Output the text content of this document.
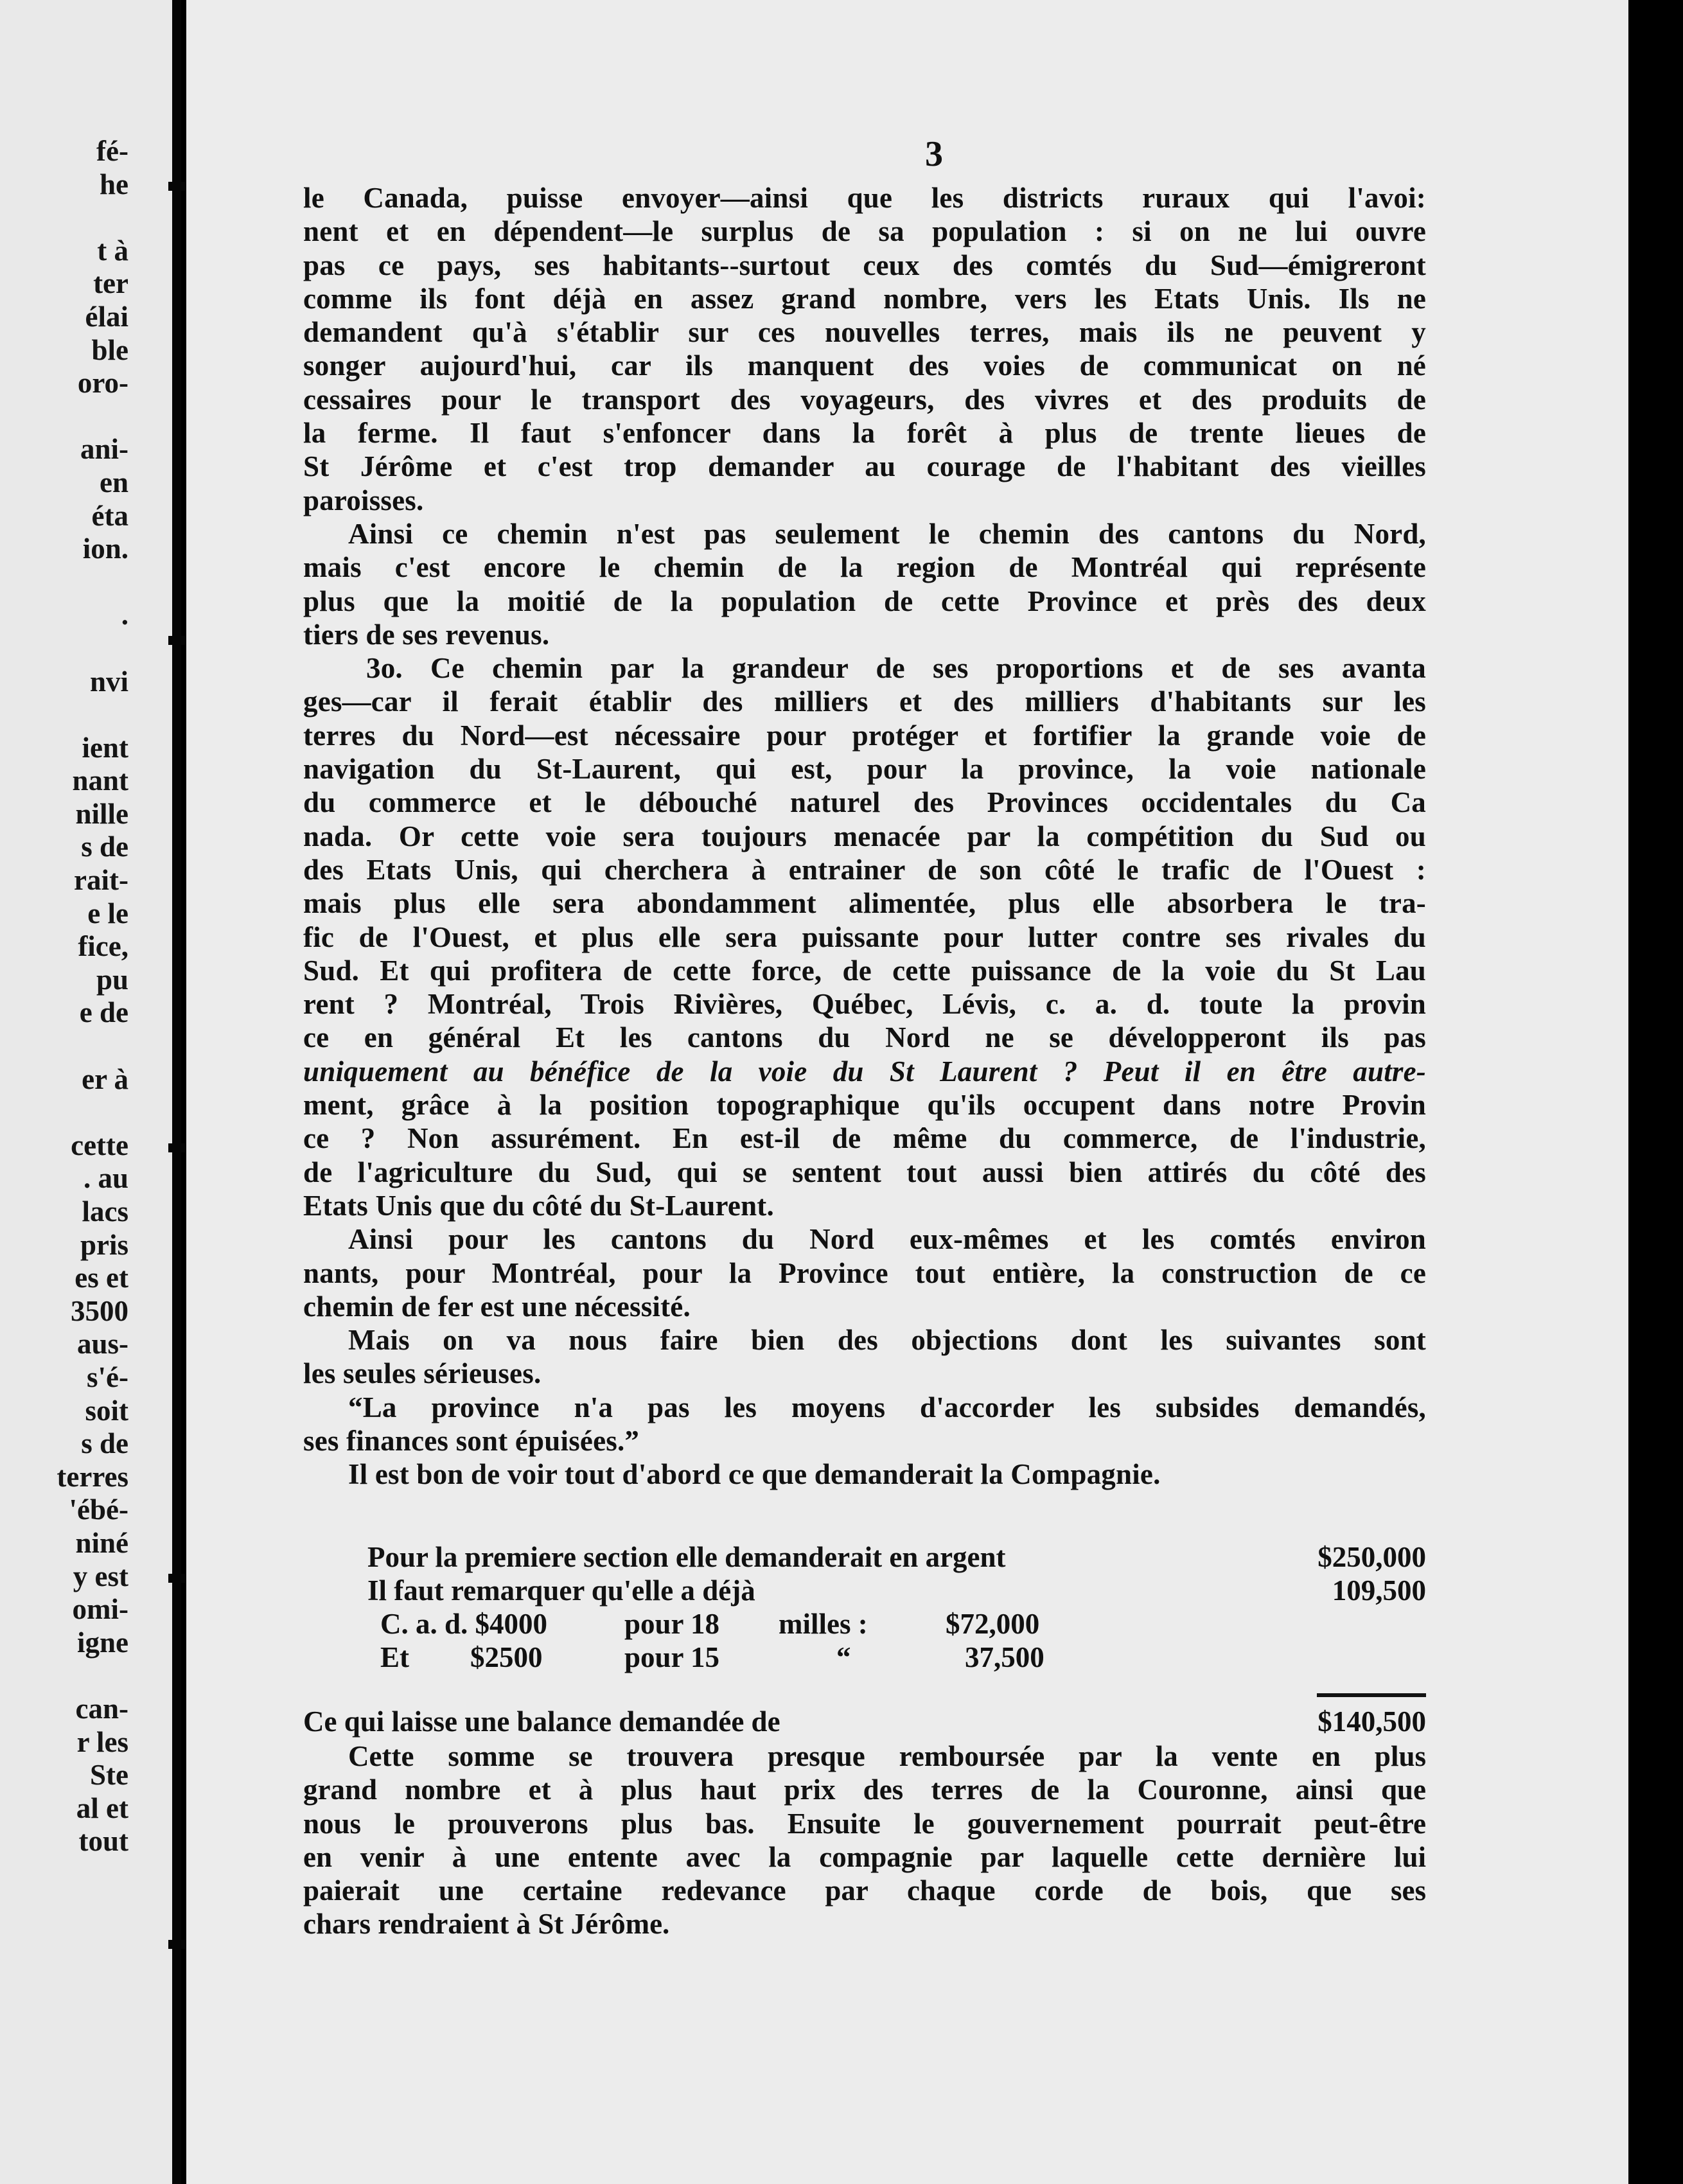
fé-
he
t à
ter
élai
ble
oro-
ani-
en
éta
ion.
.
nvi
ient
nant
nille
s de
rait-
e le
fice,
pu
e de
er à
cette
. au
lacs
pris
es et
3500
aus-
s'é-
soit
s de
terres
'ébé-
niné
y est
omi-
igne
can-
r les
Ste
al et
tout
3
le Canada, puisse envoyer—ainsi que les districts ruraux qui l'avoi:
nent et en dépendent—le surplus de sa population : si on ne lui ouvre
pas ce pays, ses habitants--surtout ceux des comtés du Sud—émigreront
comme ils font déjà en assez grand nombre, vers les Etats Unis. Ils ne
demandent qu'à s'établir sur ces nouvelles terres, mais ils ne peuvent y
songer aujourd'hui, car ils manquent des voies de communicat on né
cessaires pour le transport des voyageurs, des vivres et des produits de
la ferme. Il faut s'enfoncer dans la forêt à plus de trente lieues de
St Jérôme et c'est trop demander au courage de l'habitant des vieilles
paroisses.
Ainsi ce chemin n'est pas seulement le chemin des cantons du Nord,
mais c'est encore le chemin de la region de Montréal qui représente
plus que la moitié de la population de cette Province et près des deux
tiers de ses revenus.
3o. Ce chemin par la grandeur de ses proportions et de ses avanta
ges—car il ferait établir des milliers et des milliers d'habitants sur les
terres du Nord—est nécessaire pour protéger et fortifier la grande voie de
navigation du St-Laurent, qui est, pour la province, la voie nationale
du commerce et le débouché naturel des Provinces occidentales du Ca
nada. Or cette voie sera toujours menacée par la compétition du Sud ou
des Etats Unis, qui cherchera à entrainer de son côté le trafic de l'Ouest :
mais plus elle sera abondamment alimentée, plus elle absorbera le tra-
fic de l'Ouest, et plus elle sera puissante pour lutter contre ses rivales du
Sud. Et qui profitera de cette force, de cette puissance de la voie du St Lau
rent ? Montréal, Trois Rivières, Québec, Lévis, c. a. d. toute la provin
ce en général Et les cantons du Nord ne se développeront ils pas
uniquement au bénéfice de la voie du St Laurent ? Peut il en être autre-
ment, grâce à la position topographique qu'ils occupent dans notre Provin
ce ? Non assurément. En est-il de même du commerce, de l'industrie,
de l'agriculture du Sud, qui se sentent tout aussi bien attirés du côté des
Etats Unis que du côté du St-Laurent.
Ainsi pour les cantons du Nord eux-mêmes et les comtés environ
nants, pour Montréal, pour la Province tout entière, la construction de ce
chemin de fer est une nécessité.
Mais on va nous faire bien des objections dont les suivantes sont
les seules sérieuses.
“La province n'a pas les moyens d'accorder les subsides demandés,
ses finances sont épuisées.”
Il est bon de voir tout d'abord ce que demanderait la Compagnie.
Pour la premiere section elle demanderait en argent	$250,000
Il faut remarquer qu'elle a déjà	109,500
C. a. d. $4000	pour 18 milles :	$72,000
Et $2500	pour 15	“	37,500
Ce qui laisse une balance demandée de	$140,500
Cette somme se trouvera presque remboursée par la vente en plus
grand nombre et à plus haut prix des terres de la Couronne, ainsi que
nous le prouverons plus bas. Ensuite le gouvernement pourrait peut-être
en venir à une entente avec la compagnie par laquelle cette dernière lui
paierait une certaine redevance par chaque corde de bois, que ses
chars rendraient à St Jérôme.
